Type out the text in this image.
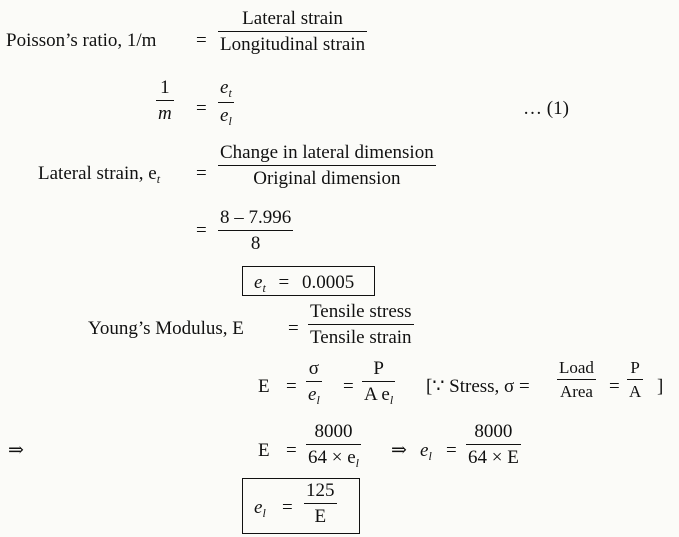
Poisson’s ratio, 1/m =
Lateral strain
Longitudinal strain
1
m =
$e_t$
$e_l$
… (1)
Lateral strain, $e_t$ =
Change in lateral dimension
Original dimension
=
8 – 7.996
8
$e_t = 0.0005$
Young’s Modulus, E =
Tensile stress
Tensile strain
E =
σ
$e_l$
=
P
A $e_l$
[∵ Stress, σ =
Load
Area =
P
A ]
⇒	E =
8000
$64 \times e_l$
⇒ $e_l$ =
8000
64 × E
$e_l$ =
125
E
